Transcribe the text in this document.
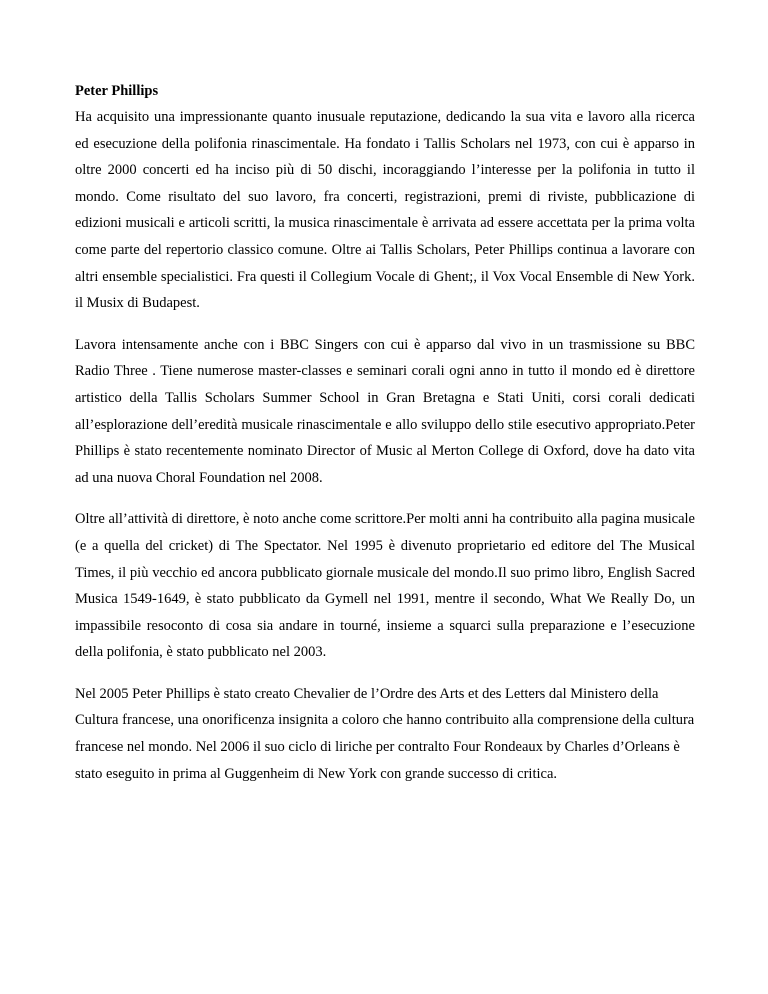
Peter Phillips

Ha acquisito una impressionante quanto inusuale reputazione, dedicando la sua vita e lavoro alla ricerca ed esecuzione della polifonia rinascimentale. Ha fondato i Tallis Scholars nel 1973, con cui è apparso in oltre 2000 concerti ed ha inciso più di 50 dischi, incoraggiando l’interesse per la polifonia in tutto il mondo. Come risultato del suo lavoro, fra concerti, registrazioni, premi di riviste, pubblicazione di edizioni musicali e articoli scritti, la musica rinascimentale è arrivata ad essere accettata per la prima volta come parte del repertorio classico comune. Oltre ai Tallis Scholars, Peter Phillips continua a lavorare con altri ensemble specialistici. Fra questi il Collegium Vocale di Ghent;, il Vox Vocal Ensemble di New York. il Musix di Budapest.

Lavora intensamente anche con i BBC Singers con cui è apparso dal vivo in un trasmissione su BBC Radio Three . Tiene numerose master-classes e seminari corali ogni anno in tutto il mondo ed è direttore artistico della Tallis Scholars Summer School in Gran Bretagna e Stati Uniti, corsi corali dedicati all’esplorazione dell’eredità musicale rinascimentale e allo sviluppo dello stile esecutivo appropriato.Peter Phillips è stato recentemente nominato Director of Music al Merton College di Oxford, dove ha dato vita ad una nuova Choral Foundation nel 2008.

Oltre all’attività di direttore, è noto anche come scrittore.Per molti anni ha contribuito alla pagina musicale (e a quella del cricket) di The Spectator. Nel 1995 è divenuto proprietario ed editore del The Musical Times, il più vecchio ed ancora pubblicato giornale musicale del mondo.Il suo primo libro, English Sacred Musica 1549-1649, è stato pubblicato da Gymell nel 1991, mentre il secondo, What We Really Do, un impassibile resoconto di cosa sia andare in tourné, insieme a squarci sulla preparazione e l’esecuzione della polifonia, è stato pubblicato nel 2003.

Nel 2005 Peter Phillips è stato creato Chevalier de l’Ordre des Arts et des Letters dal Ministero della Cultura francese, una onorificenza insignita a coloro che hanno contribuito alla comprensione della cultura francese nel mondo. Nel 2006 il suo ciclo di liriche per contralto Four Rondeaux by Charles d’Orleans è stato eseguito in prima al Guggenheim di New York con grande successo di critica.
